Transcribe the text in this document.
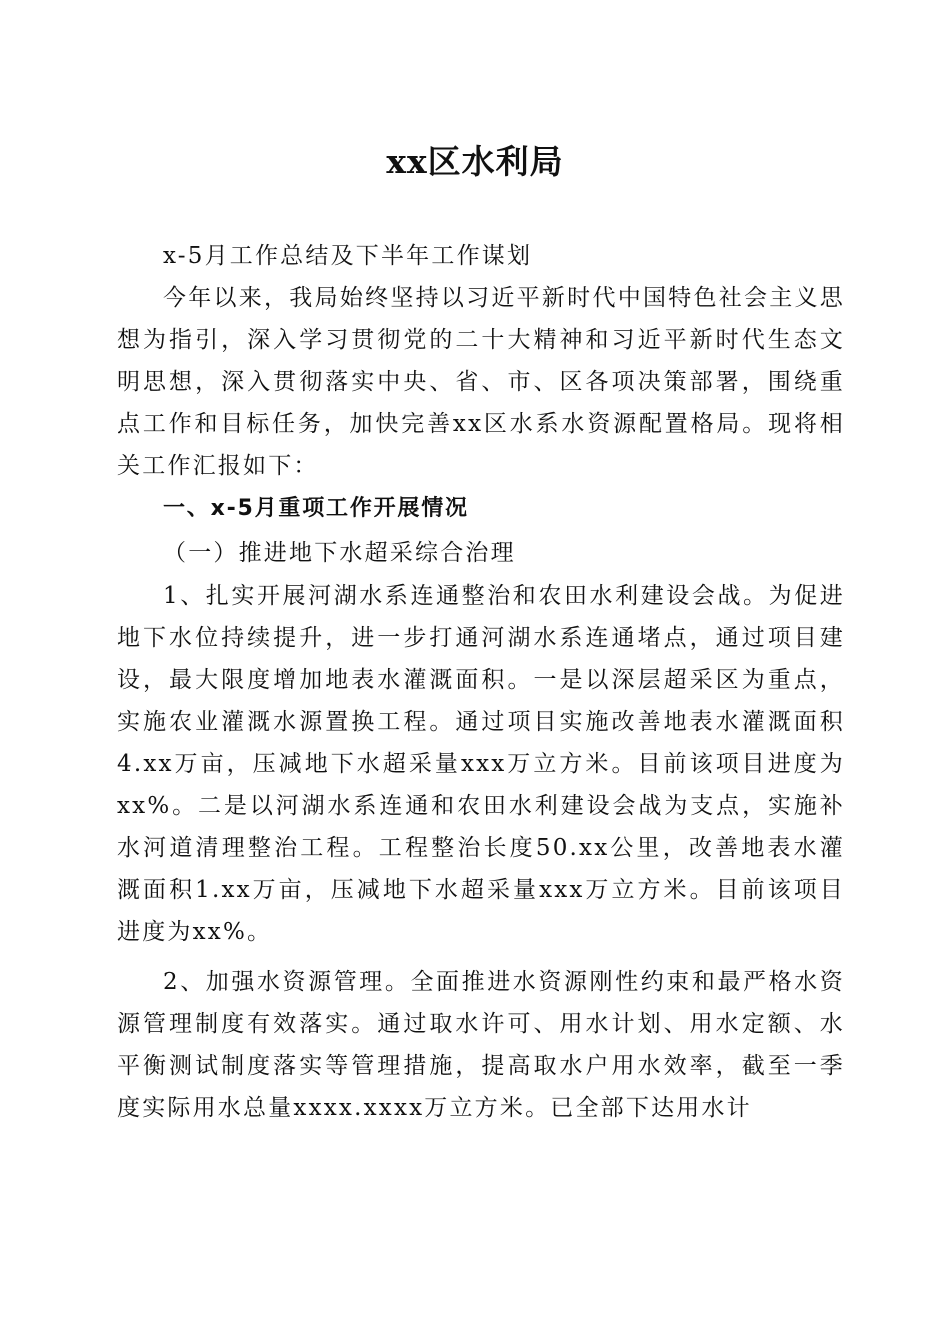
xx区水利局

x-5月工作总结及下半年工作谋划

今年以来，我局始终坚持以习近平新时代中国特色社会主义思想为指引，深入学习贯彻党的二十大精神和习近平新时代生态文明思想，深入贯彻落实中央、省、市、区各项决策部署，围绕重点工作和目标任务，加快完善xx区水系水资源配置格局。现将相关工作汇报如下：

一、x-5月重项工作开展情况
（一）推进地下水超采综合治理

1、扎实开展河湖水系连通整治和农田水利建设会战。为促进地下水位持续提升，进一步打通河湖水系连通堵点，通过项目建设，最大限度增加地表水灌溉面积。一是以深层超采区为重点，实施农业灌溉水源置换工程。通过项目实施改善地表水灌溉面积4.xx万亩，压减地下水超采量xxx万立方米。目前该项目进度为xx%。二是以河湖水系连通和农田水利建设会战为支点，实施补水河道清理整治工程。工程整治长度50.xx公里，改善地表水灌溉面积1.xx万亩，压减地下水超采量xxx万立方米。目前该项目进度为xx%。

2、加强水资源管理。全面推进水资源刚性约束和最严格水资源管理制度有效落实。通过取水许可、用水计划、用水定额、水平衡测试制度落实等管理措施，提高取水户用水效率，截至一季度实际用水总量xxxx.xxxx万立方米。已全部下达用水计
